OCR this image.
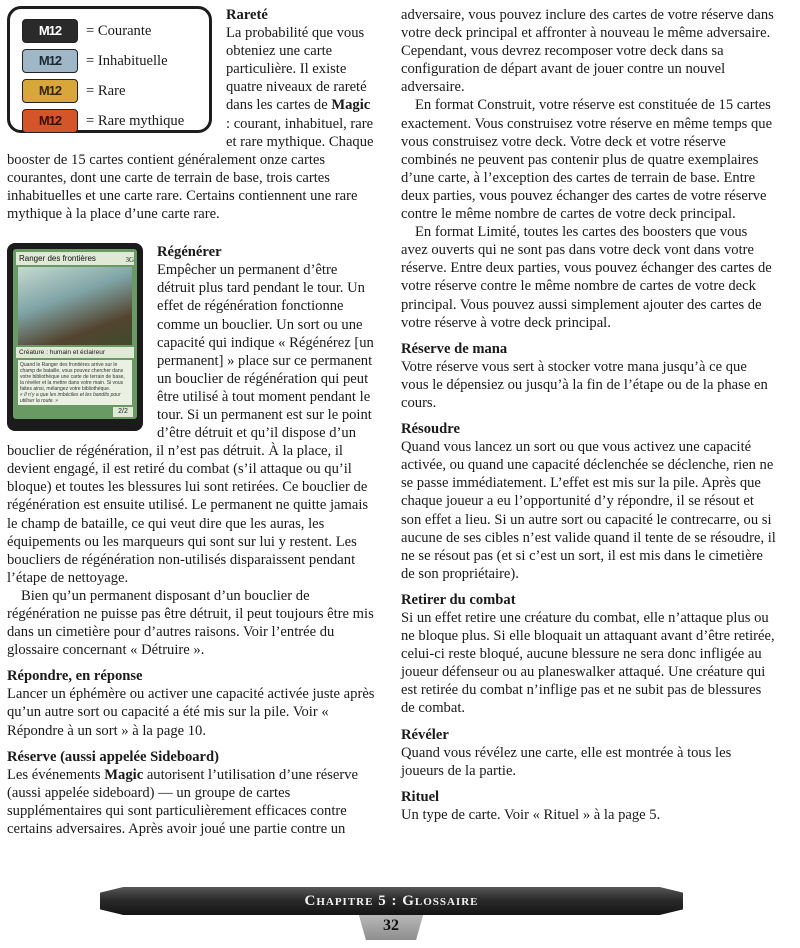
M12	= Courante
M12	= Inhabituelle
M12	= Rare
M12	= Rare mythique
Rareté

La probabilité que vous obteniez une carte particulière. Il existe quatre niveaux de rareté dans les cartes de Magic : courant, inhabituel, rare et rare mythique. Chaque booster de 15 cartes contient généralement onze cartes courantes, dont une carte de terrain de base, trois cartes inhabituelles et une carte rare. Certains contiennent une rare mythique à la place d’une carte rare.

Ranger des frontières	3G
Créature : humain et éclaireur
Quand le Ranger des frontières arrive sur le champ de bataille, vous pouvez chercher dans votre bibliothèque une carte de terrain de base, la révéler et la mettre dans votre main. Si vous faites ainsi, mélangez votre bibliothèque.
« Il n’y a que les imbéciles et les bandits pour utiliser la route. »
2/2
Régénérer

Empêcher un permanent d’être détruit plus tard pendant le tour. Un effet de régénération fonctionne comme un bouclier. Un sort ou une capacité qui indique « Régénérez [un permanent] » place sur ce permanent un bouclier de régénération qui peut être utilisé à tout moment pendant le tour. Si un permanent est sur le point d’être détruit et qu’il dispose d’un bouclier de régénération, il n’est pas détruit. À la place, il devient engagé, il est retiré du combat (s’il attaque ou qu’il bloque) et toutes les blessures lui sont retirées. Ce bouclier de régénération est ensuite utilisé. Le permanent ne quitte jamais le champ de bataille, ce qui veut dire que les auras, les équipements ou les marqueurs qui sont sur lui y restent. Les boucliers de régénération non-utilisés disparaissent pendant l’étape de nettoyage.

Bien qu’un permanent disposant d’un bouclier de régénération ne puisse pas être détruit, il peut toujours être mis dans un cimetière pour d’autres raisons. Voir l’entrée du glossaire concernant « Détruire ».

Répondre, en réponse

Lancer un éphémère ou activer une capacité activée juste après qu’un autre sort ou capacité a été mis sur la pile. Voir « Répondre à un sort » à la page 10.

Réserve (aussi appelée Sideboard)

Les événements Magic autorisent l’utilisation d’une réserve (aussi appelée sideboard) — un groupe de cartes supplémentaires qui sont particulièrement efficaces contre certains adversaires. Après avoir joué une partie contre un

adversaire, vous pouvez inclure des cartes de votre réserve dans votre deck principal et affronter à nouveau le même adversaire. Cependant, vous devrez recomposer votre deck dans sa configuration de départ avant de jouer contre un nouvel adversaire.

En format Construit, votre réserve est constituée de 15 cartes exactement. Vous construisez votre réserve en même temps que vous construisez votre deck. Votre deck et votre réserve combinés ne peuvent pas contenir plus de quatre exemplaires d’une carte, à l’exception des cartes de terrain de base. Entre deux parties, vous pouvez échanger des cartes de votre réserve contre le même nombre de cartes de votre deck principal.

En format Limité, toutes les cartes des boosters que vous avez ouverts qui ne sont pas dans votre deck vont dans votre réserve. Entre deux parties, vous pouvez échanger des cartes de votre réserve contre le même nombre de cartes de votre deck principal. Vous pouvez aussi simplement ajouter des cartes de votre réserve à votre deck principal.

Réserve de mana

Votre réserve vous sert à stocker votre mana jusqu’à ce que vous le dépensiez ou jusqu’à la fin de l’étape ou de la phase en cours.

Résoudre

Quand vous lancez un sort ou que vous activez une capacité activée, ou quand une capacité déclenchée se déclenche, rien ne se passe immédiatement. L’effet est mis sur la pile. Après que chaque joueur a eu l’opportunité d’y répondre, il se résout et son effet a lieu. Si un autre sort ou capacité le contrecarre, ou si aucune de ses cibles n’est valide quand il tente de se résoudre, il ne se résout pas (et si c’est un sort, il est mis dans le cimetière de son propriétaire).

Retirer du combat

Si un effet retire une créature du combat, elle n’attaque plus ou ne bloque plus. Si elle bloquait un attaquant avant d’être retirée, celui-ci reste bloqué, aucune blessure ne sera donc infligée au joueur défenseur ou au planeswalker attaqué. Une créature qui est retirée du combat n’inflige pas et ne subit pas de blessures de combat.

Révéler

Quand vous révélez une carte, elle est montrée à tous les joueurs de la partie.

Rituel

Un type de carte. Voir « Rituel » à la page 5.

Chapitre 5 : Glossaire
32
